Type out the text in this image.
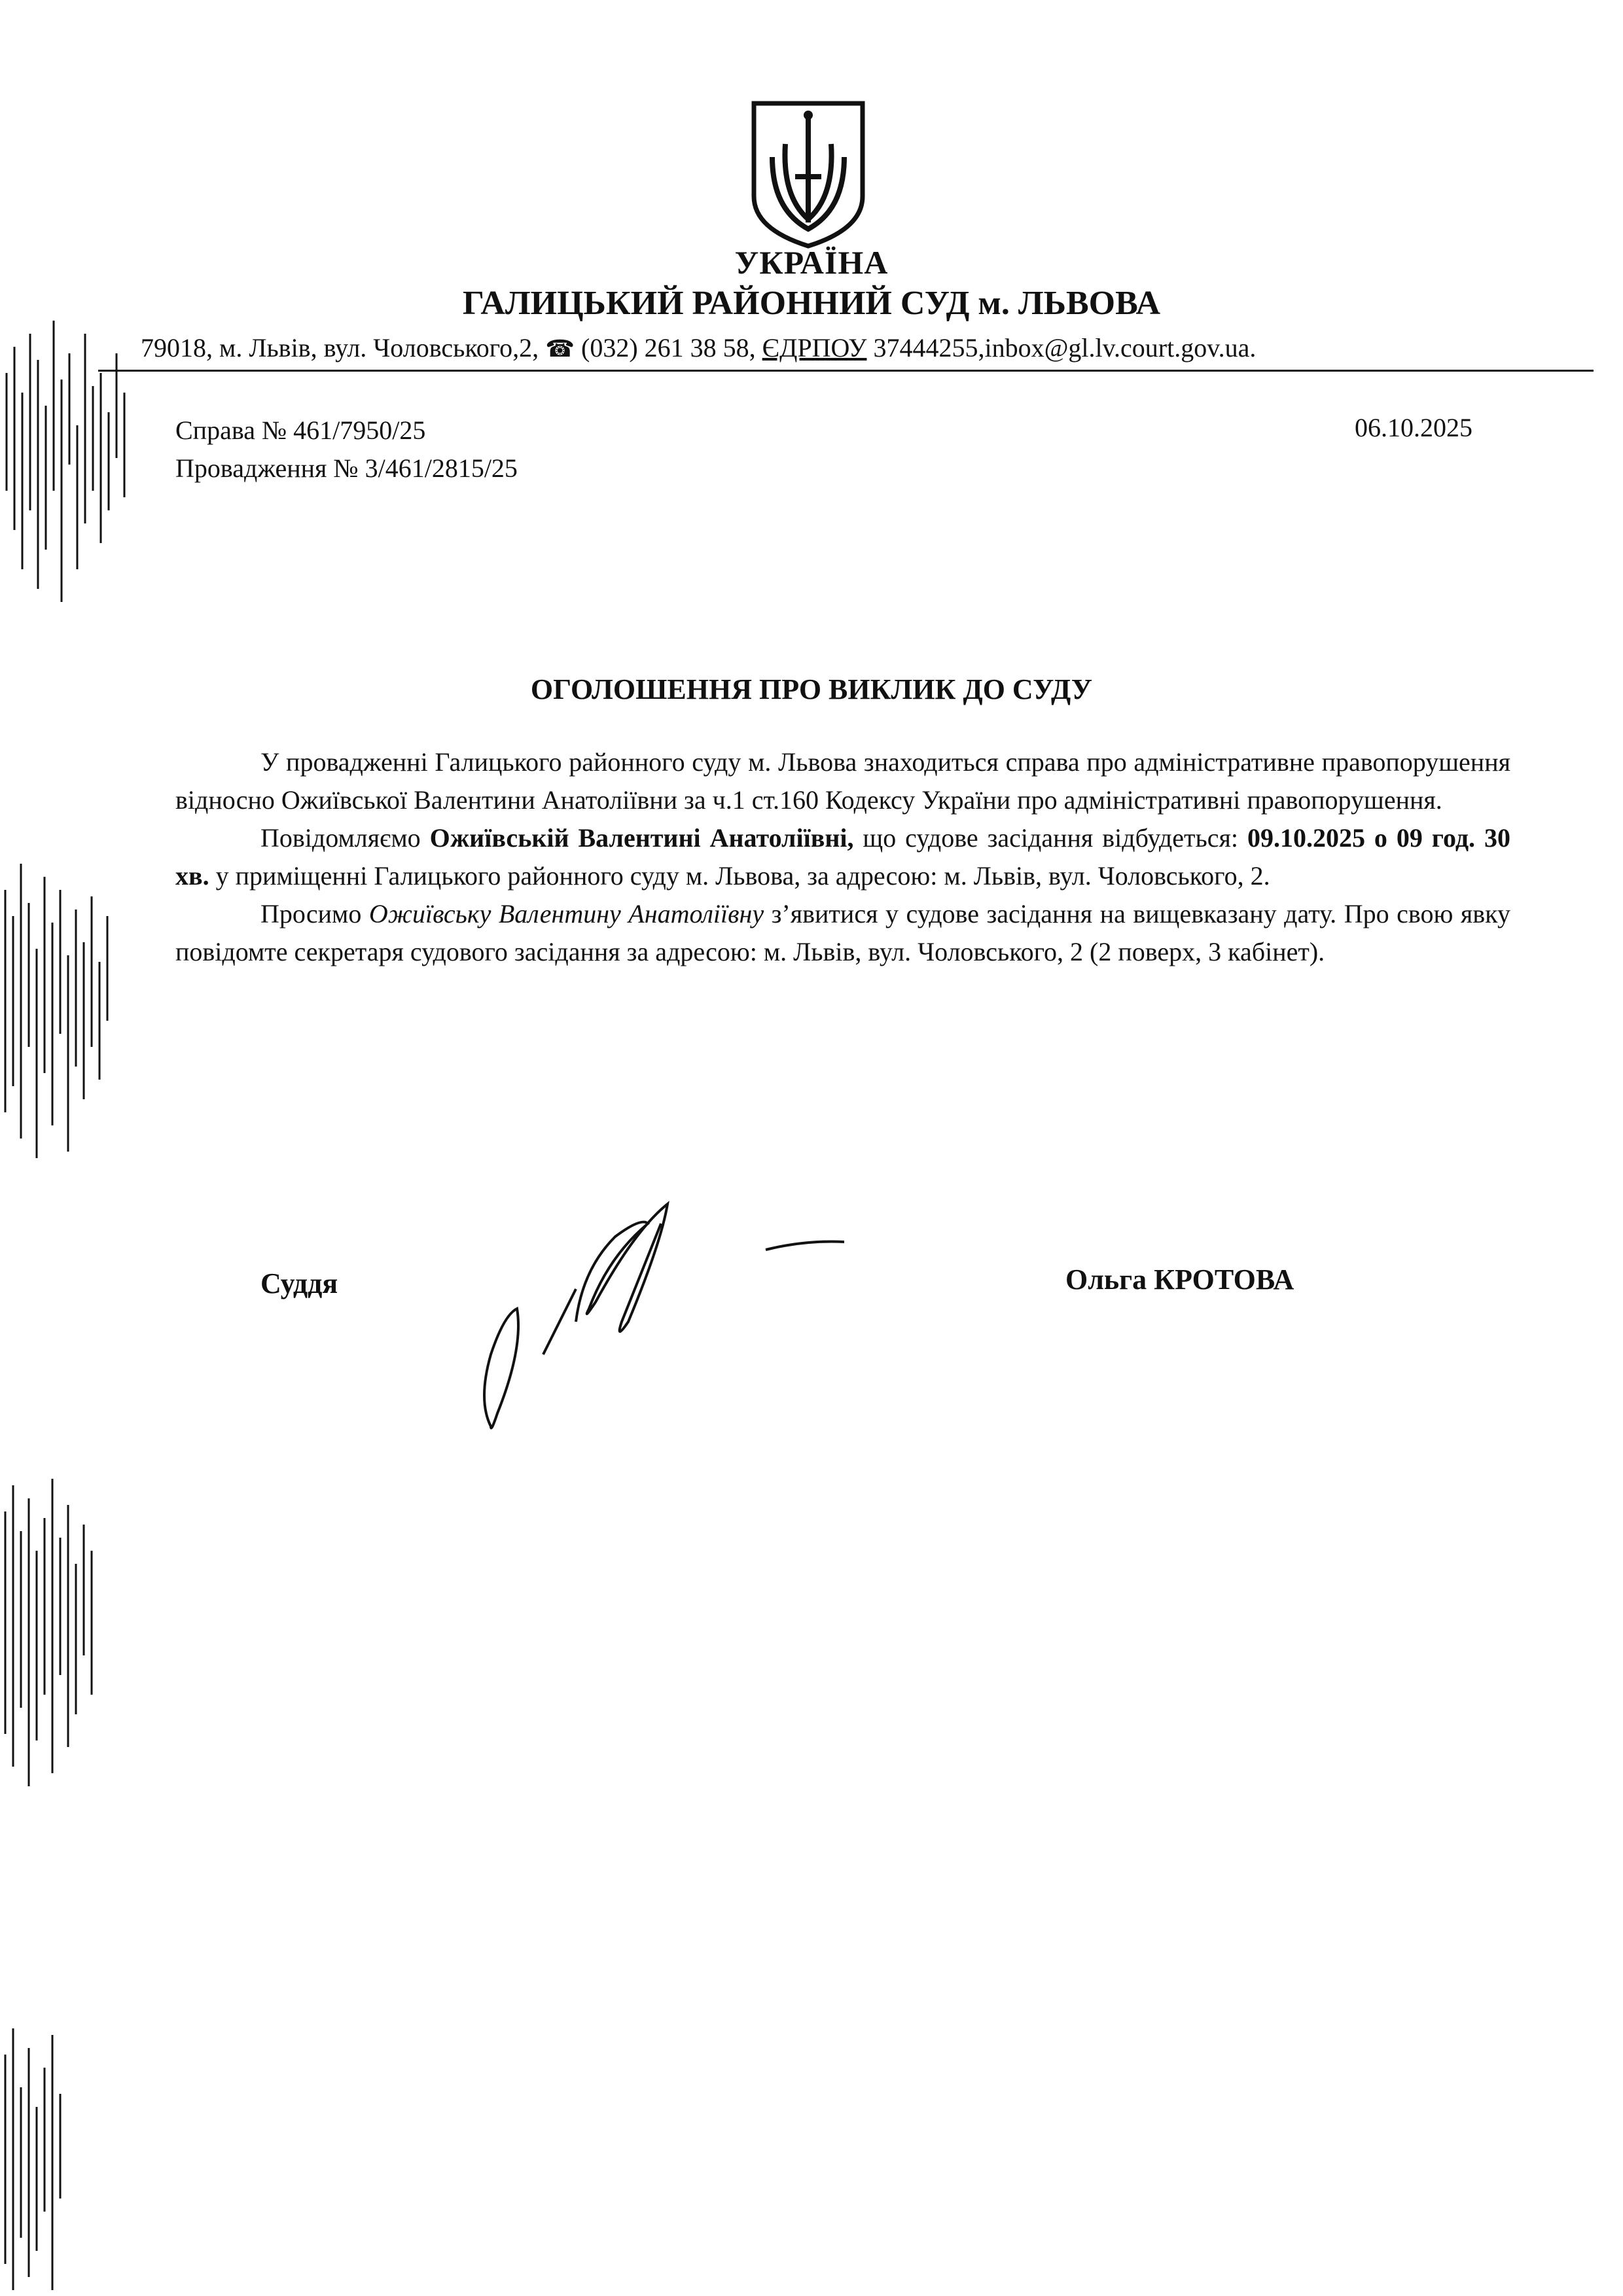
УКРАЇНА
ГАЛИЦЬКИЙ РАЙОННИЙ СУД м. ЛЬВОВА
79018, м. Львів, вул. Чоловського,2, ☎ (032) 261 38 58, ЄДРПОУ 37444255,inbox@gl.lv.court.gov.ua.
Справа № 461/7950/25
Провадження № 3/461/2815/25
06.10.2025
ОГОЛОШЕННЯ ПРО ВИКЛИК ДО СУДУ

У провадженні Галицького районного суду м. Львова знаходиться справа про адміністративне правопорушення відносно Ожиївської Валентини Анатоліївни за ч.1 ст.160 Кодексу України про адміністративні правопорушення.

Повідомляємо Ожиївській Валентині Анатоліївні, що судове засідання відбудеться: 09.10.2025 о 09 год. 30 хв. у приміщенні Галицького районного суду м. Львова, за адресою: м. Львів, вул. Чоловського, 2.

Просимо Ожиївську Валентину Анатоліївну з’явитися у судове засідання на вищевказану дату. Про свою явку повідомте секретаря судового засідання за адресою: м. Львів, вул. Чоловського, 2 (2 поверх, 3 кабінет).

Суддя	Ольга КРОТОВА
